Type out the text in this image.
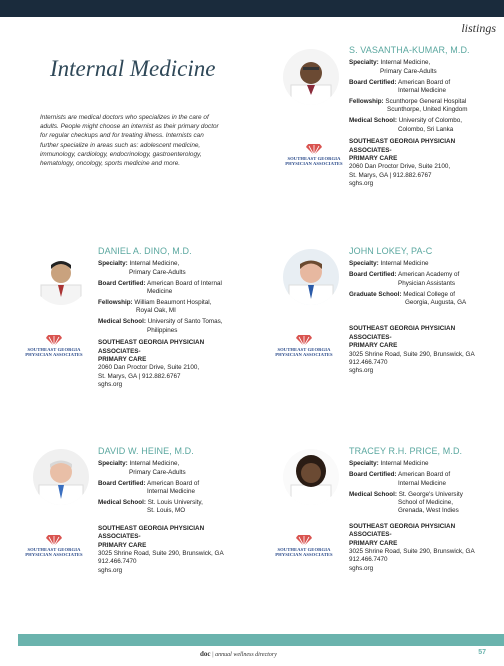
listings
Internal Medicine
Internists are medical doctors who specializes in the care of adults. People might choose an internist as their primary doctor for regular checkups and for treating illness. Internists can further specialize in areas such as: adolescent medicine, immunology, cardiology, endocrinology, gastroenterology, hematology, oncology, sports medicine and more.
SOUTHEAST GEORGIA
PHYSICIAN ASSOCIATES
SOUTHEAST GEORGIA
PHYSICIAN ASSOCIATES
SOUTHEAST GEORGIA
PHYSICIAN ASSOCIATES
SOUTHEAST GEORGIA
PHYSICIAN ASSOCIATES
SOUTHEAST GEORGIA
PHYSICIAN ASSOCIATES
S. VASANTHA-KUMAR, M.D.
Specialty: Internal Medicine,
Primary Care-Adults
Board Certified: American Board of
Internal Medicine
Fellowship: Scunthorpe General Hospital
Scunthorpe, United Kingdom
Medical School: University of Colombo,
Colombo, Sri Lanka
SOUTHEAST GEORGIA PHYSICIAN ASSOCIATES-
PRIMARY CARE
2060 Dan Proctor Drive, Suite 2100,
St. Marys, GA | 912.882.6767
sghs.org
DANIEL A. DINO, M.D.
Specialty: Internal Medicine,
Primary Care-Adults
Board Certified: American Board of Internal
Medicine
Fellowship: William Beaumont Hospital,
Royal Oak, MI
Medical School: University of Santo Tomas,
Philippines
SOUTHEAST GEORGIA PHYSICIAN ASSOCIATES-
PRIMARY CARE
2060 Dan Proctor Drive, Suite 2100,
St. Marys, GA | 912.882.6767
sghs.org
JOHN LOKEY, PA-C
Specialty: Internal Medicine
Board Certified: American Academy of
Physician Assistants
Graduate School: Medical College of
Georgia, Augusta, GA
SOUTHEAST GEORGIA PHYSICIAN ASSOCIATES-
PRIMARY CARE
3025 Shrine Road, Suite 290, Brunswick, GA
912.466.7470
sghs.org
DAVID W. HEINE, M.D.
Specialty: Internal Medicine,
Primary Care-Adults
Board Certified: American Board of
Internal Medicine
Medical School: St. Louis University,
St. Louis, MO
SOUTHEAST GEORGIA PHYSICIAN ASSOCIATES-
PRIMARY CARE
3025 Shrine Road, Suite 290, Brunswick, GA
912.466.7470
sghs.org
TRACEY R.H. PRICE, M.D.
Specialty: Internal Medicine
Board Certified: American Board of
Internal Medicine
Medical School: St. George's University
School of Medicine,
Grenada, West Indies
SOUTHEAST GEORGIA PHYSICIAN ASSOCIATES-
PRIMARY CARE
3025 Shrine Road, Suite 290, Brunswick, GA
912.466.7470
sghs.org
doc | annual wellness directory	57
